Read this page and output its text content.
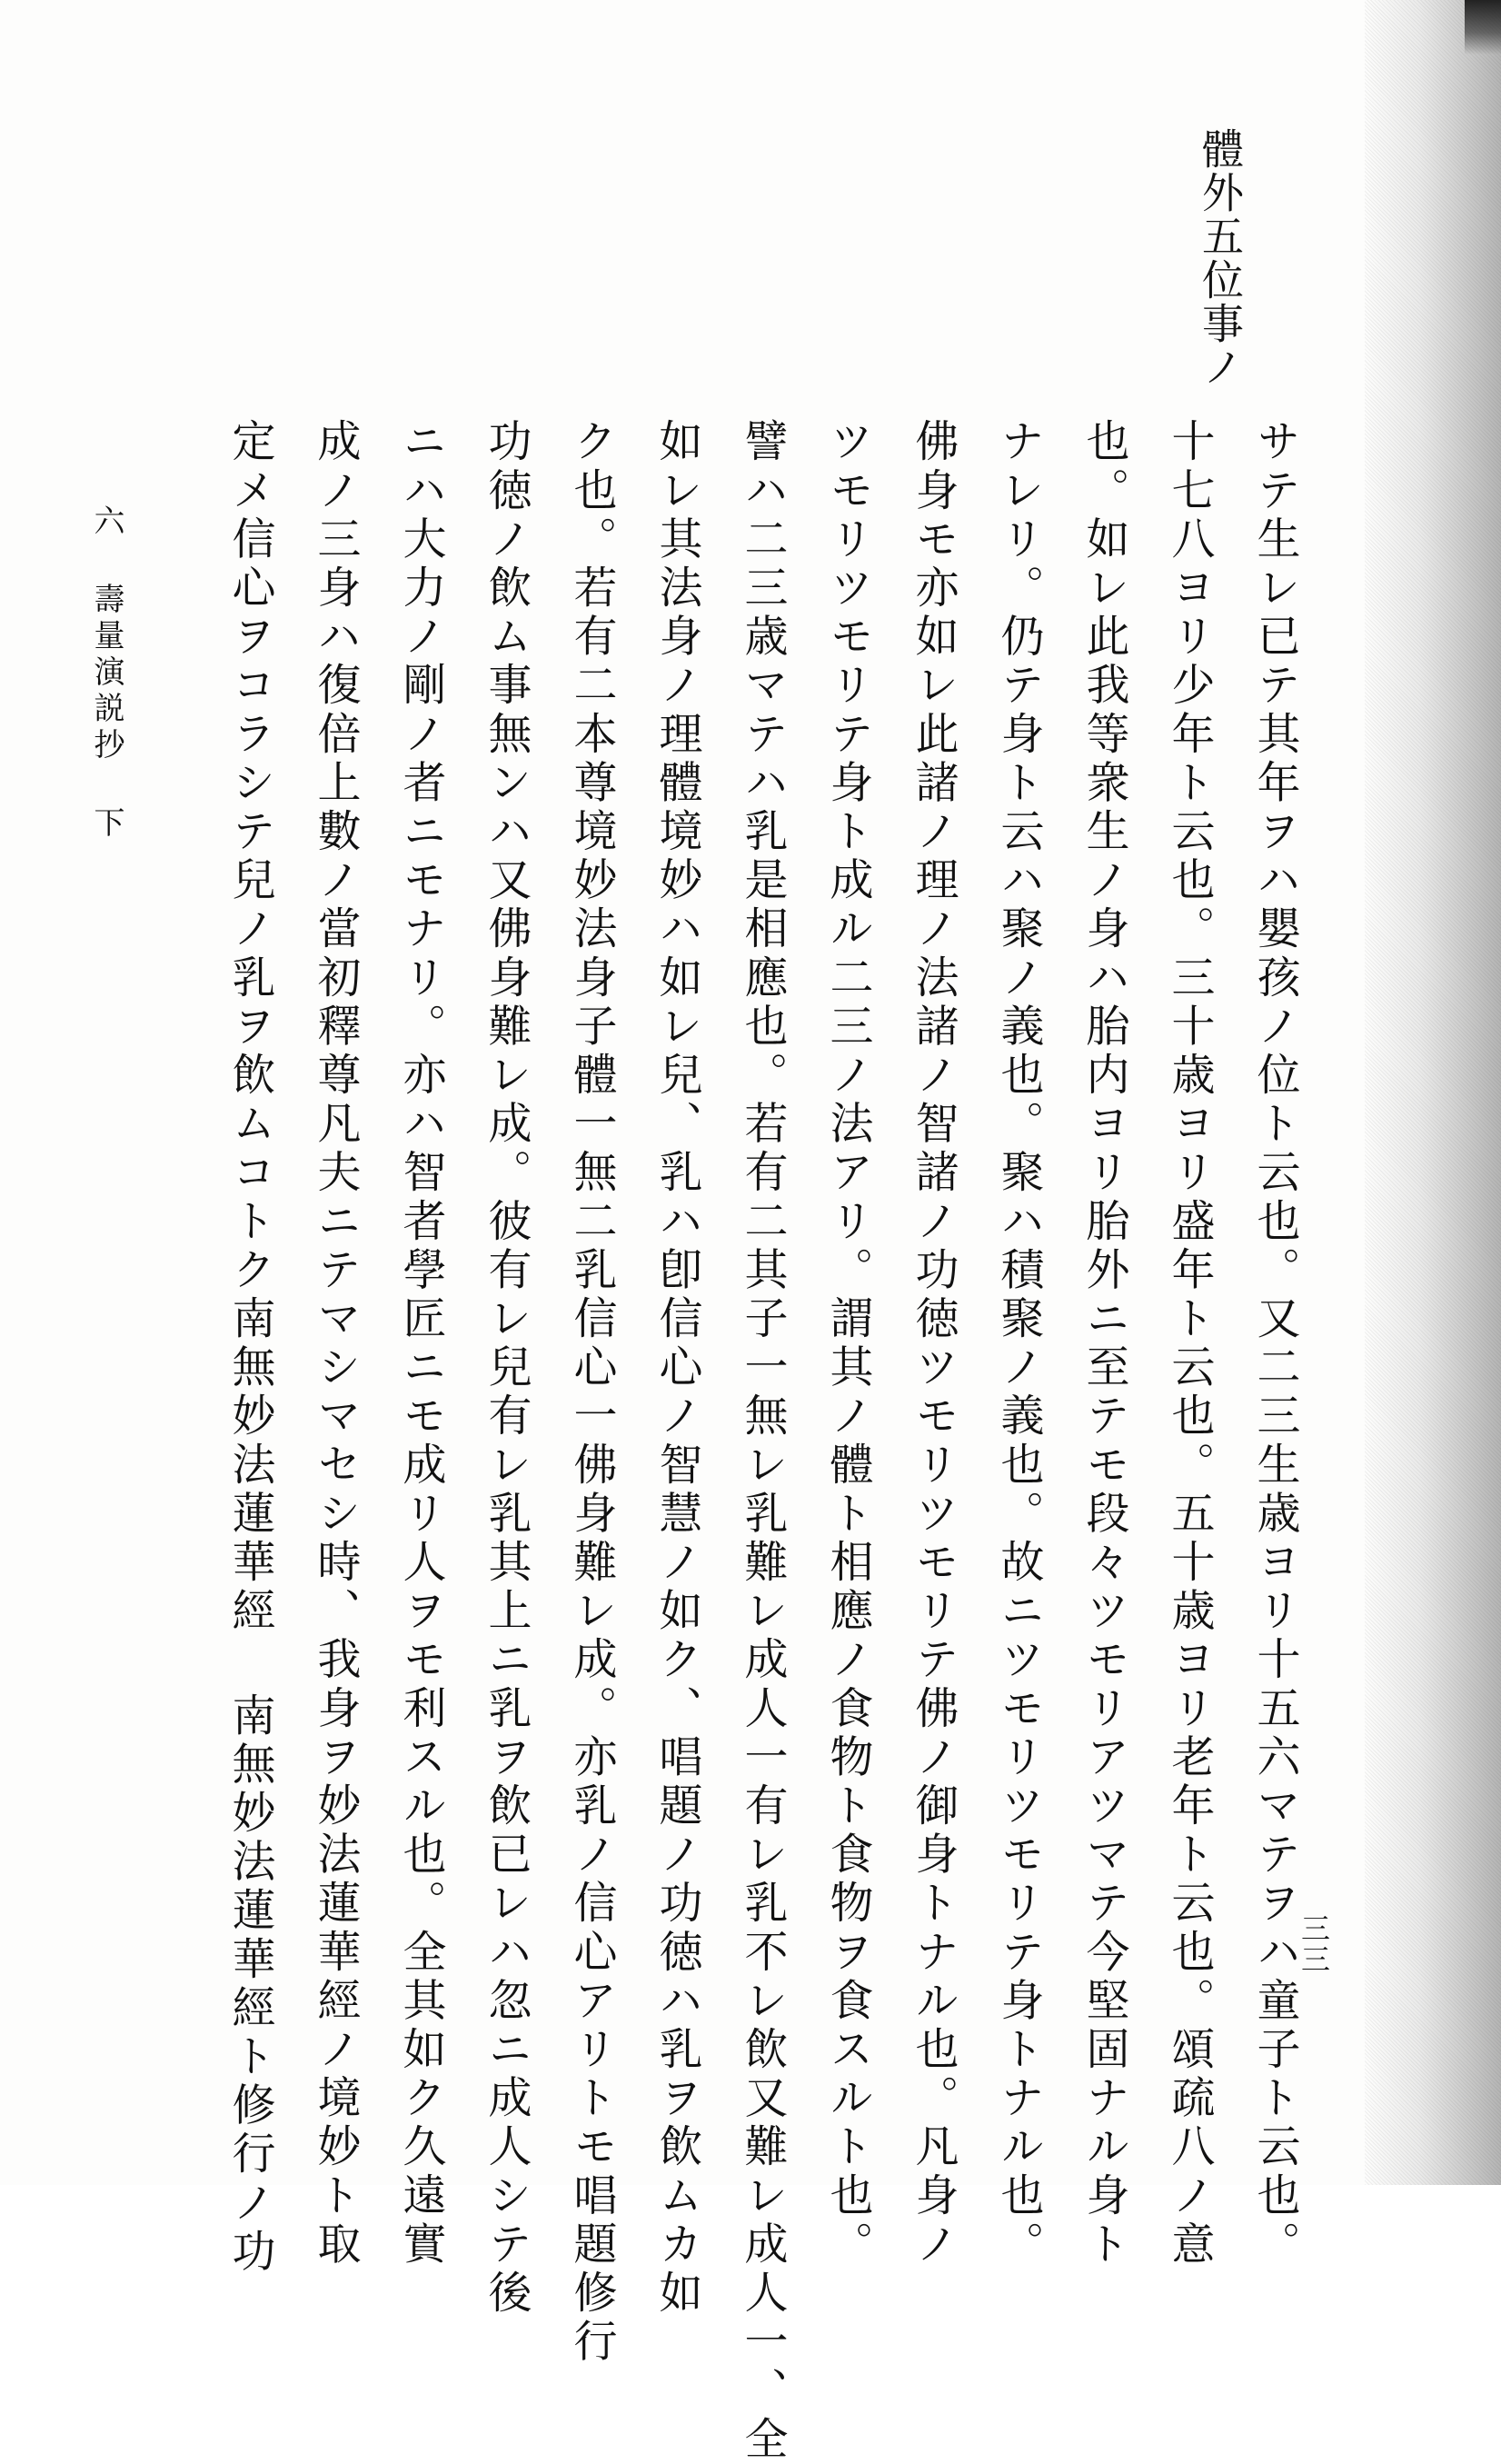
體外五位事ノ
サテ生レ已テ其年ヲハ嬰孩ノ位ト云也。又二三生歳ヨリ十五六マテヲハ童子ト云也。
十七八ヨリ少年ト云也。三十歳ヨリ盛年ト云也。五十歳ヨリ老年ト云也。頌疏八ノ意
也。如レ此我等衆生ノ身ハ胎内ヨリ胎外ニ至テモ段々ツモリアツマテ今堅固ナル身ト
ナレリ。仍テ身ト云ハ聚ノ義也。聚ハ積聚ノ義也。故ニツモリツモリテ身トナル也。
佛身モ亦如レ此諸ノ理ノ法諸ノ智諸ノ功徳ツモリツモリテ佛ノ御身トナル也。凡身ノ
ツモリツモリテ身ト成ル二三ノ法アリ。謂其ノ體ト相應ノ食物ト食物ヲ食スルト也。
譬ハ二三歳マテハ乳是相應也。若有二其子一無レ乳難レ成人一有レ乳不レ飲又難レ成人一、全
如レ其法身ノ理體境妙ハ如レ兒、乳ハ卽信心ノ智慧ノ如ク、唱題ノ功徳ハ乳ヲ飲ムカ如
ク也。若有二本尊境妙法身子體一無二乳信心一佛身難レ成。亦乳ノ信心アリトモ唱題修行
功徳ノ飲ム事無ンハ又佛身難レ成。彼有レ兒有レ乳其上ニ乳ヲ飲已レハ忽ニ成人シテ後
ニハ大力ノ剛ノ者ニモナリ。亦ハ智者學匠ニモ成リ人ヲモ利スル也。全其如ク久遠實
成ノ三身ハ復倍上數ノ當初釋尊凡夫ニテマシマセシ時、我身ヲ妙法蓮華經ノ境妙ト取
定メ信心ヲコラシテ兒ノ乳ヲ飲ムコトク南無妙法蓮華經 南無妙法蓮華經ト修行ノ功
六 壽量演説抄 下
三三
